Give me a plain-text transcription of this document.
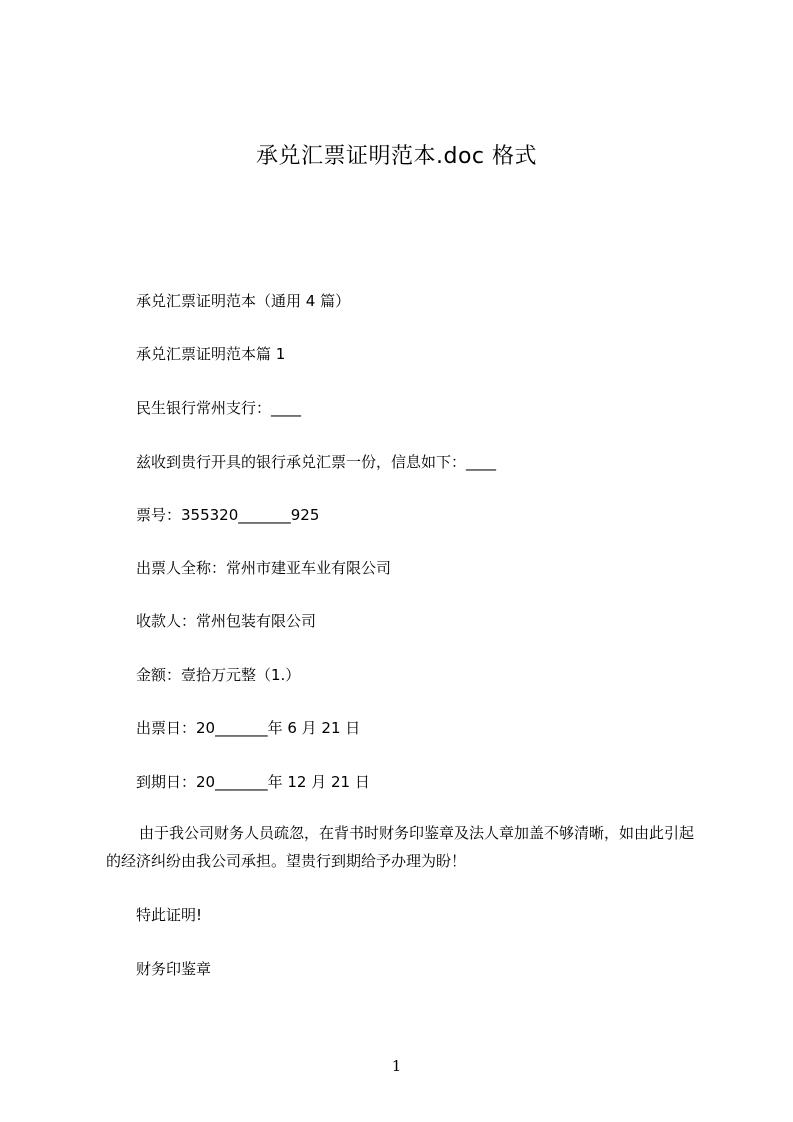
承兑汇票证明范本.doc 格式
承兑汇票证明范本（通用 4 篇）
承兑汇票证明范本篇 1
民生银行常州支行：____
兹收到贵行开具的银行承兑汇票一份，信息如下：____
票号：355320_______925
出票人全称：常州市建亚车业有限公司
收款人：常州包装有限公司
金额：壹拾万元整（1.）
出票日：20_______年 6 月 21 日
到期日：20_______年 12 月 21 日
由于我公司财务人员疏忽，在背书时财务印鉴章及法人章加盖不够清晰，如由此引起的经济纠纷由我公司承担。望贵行到期给予办理为盼！
特此证明!
财务印鉴章
1
